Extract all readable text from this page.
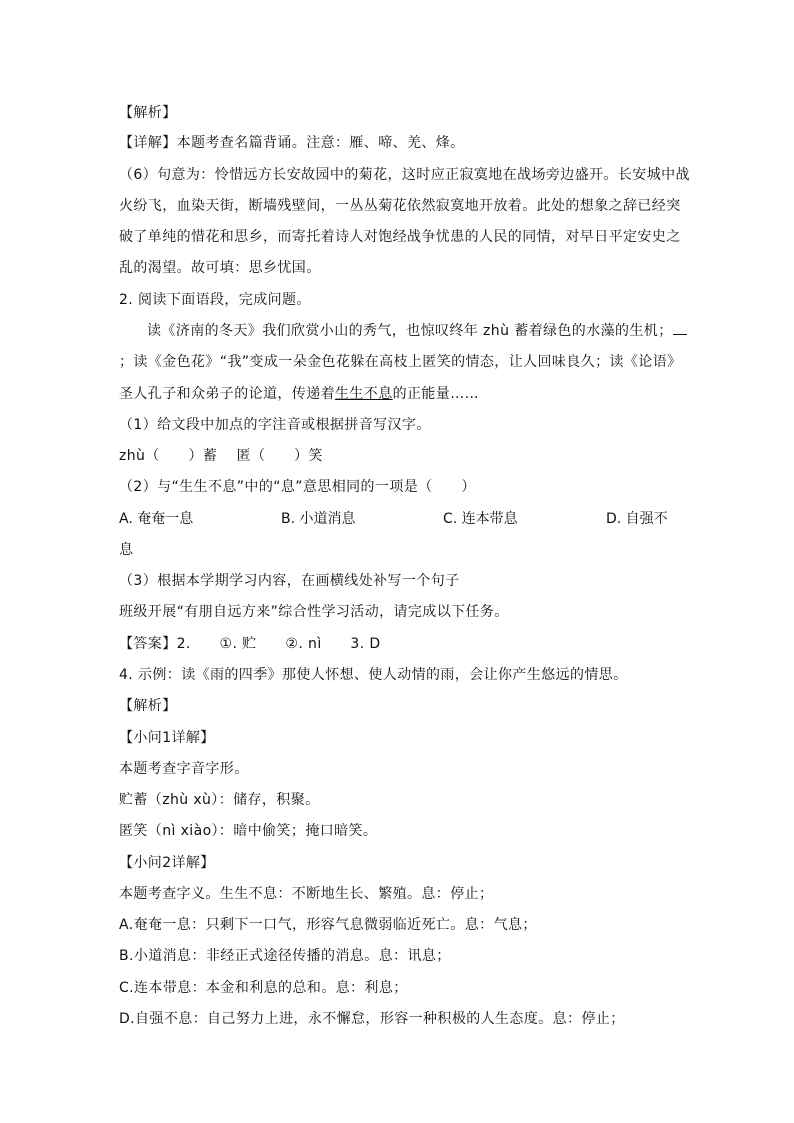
【解析】
【详解】本题考查名篇背诵。注意：雁、啼、羌、烽。
（6）句意为：怜惜远方长安故园中的菊花，这时应正寂寞地在战场旁边盛开。长安城中战
火纷飞，血染天街，断墙残壁间，一丛丛菊花依然寂寞地开放着。此处的想象之辞已经突
破了单纯的惜花和思乡，而寄托着诗人对饱经战争忧患的人民的同情，对早日平定安史之
乱的渴望。故可填：思乡忧国。
2. 阅读下面语段，完成问题。
读《济南的冬天》我们欣赏小山的秀气，也惊叹终年 zhù 蓄着绿色的水藻的生机；
；读《金色花》“我”变成一朵金色花躲在高枝上匿笑的情态，让人回味良久；读《论语》
圣人孔子和众弟子的论道，传递着生生不息的正能量……
（1）给文段中加点的字注音或根据拼音写汉字。
zhù（　　）蓄　 匿（　　）笑
（2）与“生生不息”中的“息”意思相同的一项是（　　）
A. 奄奄一息	B. 小道消息	C. 连本带息	D. 自强不
息
（3）根据本学期学习内容，在画横线处补写一个句子
班级开展“有朋自远方来”综合性学习活动，请完成以下任务。
【答案】2.　　①. 贮　　②. nì　　3. D
4. 示例：读《雨的四季》那使人怀想、使人动情的雨，会让你产生悠远的情思。
【解析】
【小问1详解】
本题考查字音字形。
贮蓄（zhù xù）：储存，积聚。
匿笑（nì xiào）：暗中偷笑；掩口暗笑。
【小问2详解】
本题考查字义。生生不息：不断地生长、繁殖。息：停止；
A.奄奄一息：只剩下一口气，形容气息微弱临近死亡。息：气息；
B.小道消息：非经正式途径传播的消息。息：讯息；
C.连本带息：本金和利息的总和。息：利息；
D.自强不息：自己努力上进，永不懈怠，形容一种积极的人生态度。息：停止；
